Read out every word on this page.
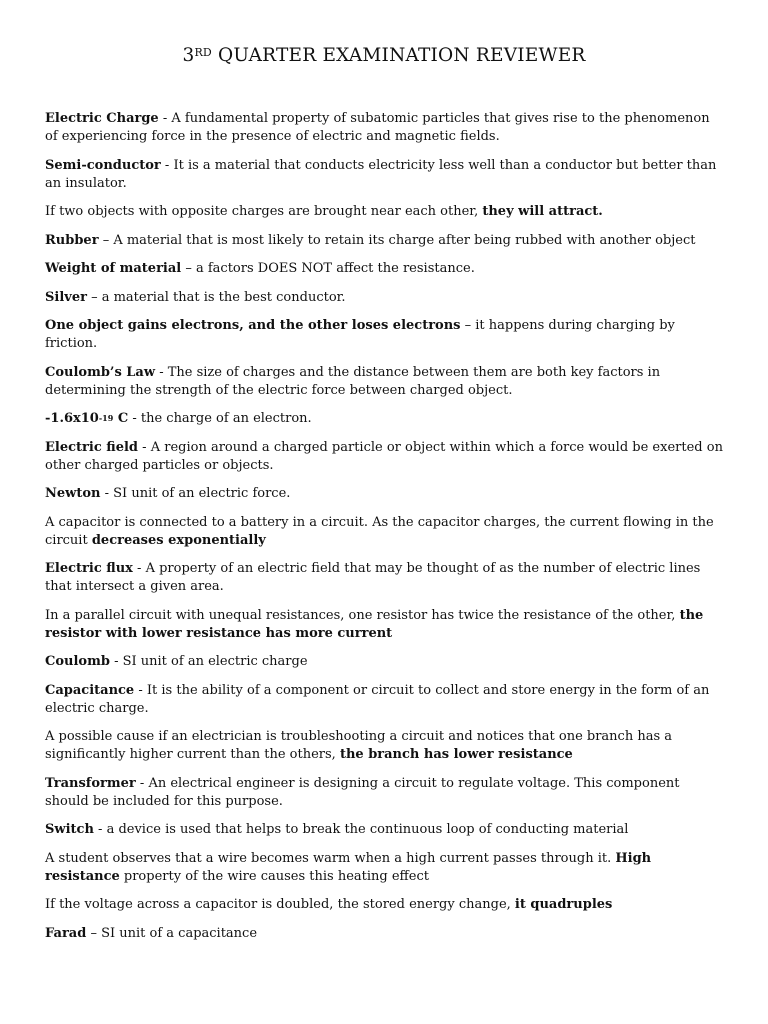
3RD QUARTER EXAMINATION REVIEWER

Electric Charge - A fundamental property of subatomic particles that gives rise to the phenomenon of experiencing force in the presence of electric and magnetic fields.

Semi-conductor - It is a material that conducts electricity less well than a conductor but better than an insulator.

If two objects with opposite charges are brought near each other, they will attract.

Rubber – A material that is most likely to retain its charge after being rubbed with another object

Weight of material – a factors DOES NOT affect the resistance.

Silver – a material that is the best conductor.

One object gains electrons, and the other loses electrons – it happens during charging by friction.

Coulomb’s Law - The size of charges and the distance between them are both key factors in determining the strength of the electric force between charged object.

$-1.6x10^{-19}$ C - the charge of an electron.

Electric field - A region around a charged particle or object within which a force would be exerted on other charged particles or objects.

Newton - SI unit of an electric force.

A capacitor is connected to a battery in a circuit. As the capacitor charges, the current flowing in the circuit decreases exponentially

Electric flux - A property of an electric field that may be thought of as the number of electric lines that intersect a given area.

In a parallel circuit with unequal resistances, one resistor has twice the resistance of the other, the resistor with lower resistance has more current

Coulomb - SI unit of an electric charge

Capacitance - It is the ability of a component or circuit to collect and store energy in the form of an electric charge.

A possible cause if an electrician is troubleshooting a circuit and notices that one branch has a significantly higher current than the others, the branch has lower resistance

Transformer - An electrical engineer is designing a circuit to regulate voltage. This component should be included for this purpose.

Switch - a device is used that helps to break the continuous loop of conducting material

A student observes that a wire becomes warm when a high current passes through it. High resistance property of the wire causes this heating effect

If the voltage across a capacitor is doubled, the stored energy change, it quadruples

Farad – SI unit of a capacitance
